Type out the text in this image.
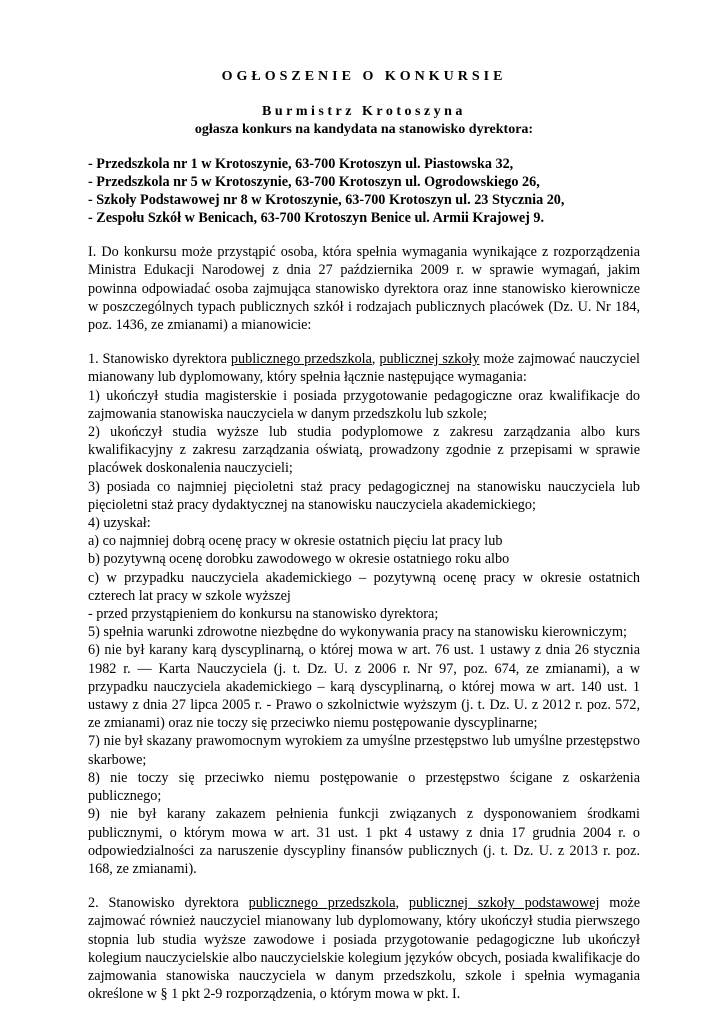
OGŁOSZENIE O KONKURSIE
Burmistrz Krotoszyna
ogłasza konkurs na kandydata na stanowisko dyrektora:
- Przedszkola nr 1 w Krotoszynie, 63-700 Krotoszyn ul. Piastowska 32,
- Przedszkola nr 5 w Krotoszynie, 63-700 Krotoszyn ul. Ogrodowskiego 26,
- Szkoły Podstawowej nr 8 w Krotoszynie, 63-700 Krotoszyn ul. 23 Stycznia 20,
- Zespołu Szkół w Benicach, 63-700 Krotoszyn Benice ul. Armii Krajowej 9.
I. Do konkursu może przystąpić osoba, która spełnia wymagania wynikające z rozporządzenia Ministra Edukacji Narodowej z dnia 27 października 2009 r. w sprawie wymagań, jakim powinna odpowiadać osoba zajmująca stanowisko dyrektora oraz inne stanowisko kierownicze w poszczególnych typach publicznych szkół i rodzajach publicznych placówek (Dz. U. Nr 184, poz. 1436, ze zmianami) a mianowicie:
1. Stanowisko dyrektora publicznego przedszkola, publicznej szkoły może zajmować nauczyciel mianowany lub dyplomowany, który spełnia łącznie następujące wymagania:
1) ukończył studia magisterskie i posiada przygotowanie pedagogiczne oraz kwalifikacje do zajmowania stanowiska nauczyciela w danym przedszkolu lub szkole;
2) ukończył studia wyższe lub studia podyplomowe z zakresu zarządzania albo kurs kwalifikacyjny z zakresu zarządzania oświatą, prowadzony zgodnie z przepisami w sprawie placówek doskonalenia nauczycieli;
3) posiada co najmniej pięcioletni staż pracy pedagogicznej na stanowisku nauczyciela lub pięcioletni staż pracy dydaktycznej na stanowisku nauczyciela akademickiego;
4) uzyskał:
a) co najmniej dobrą ocenę pracy w okresie ostatnich pięciu lat pracy lub
b) pozytywną ocenę dorobku zawodowego w okresie ostatniego roku albo
c) w przypadku nauczyciela akademickiego – pozytywną ocenę pracy w okresie ostatnich czterech lat pracy w szkole wyższej
- przed przystąpieniem do konkursu na stanowisko dyrektora;
5) spełnia warunki zdrowotne niezbędne do wykonywania pracy na stanowisku kierowniczym;
6) nie był karany karą dyscyplinarną, o której mowa w art. 76 ust. 1 ustawy z dnia 26 stycznia 1982 r. — Karta Nauczyciela (j. t. Dz. U. z 2006 r. Nr 97, poz. 674, ze zmianami), a w przypadku nauczyciela akademickiego – karą dyscyplinarną, o której mowa w art. 140 ust. 1 ustawy z dnia 27 lipca 2005 r. - Prawo o szkolnictwie wyższym (j. t. Dz. U. z 2012 r. poz. 572, ze zmianami) oraz nie toczy się przeciwko niemu postępowanie dyscyplinarne;
7) nie był skazany prawomocnym wyrokiem za umyślne przestępstwo lub umyślne przestępstwo skarbowe;
8) nie toczy się przeciwko niemu postępowanie o przestępstwo ścigane z oskarżenia publicznego;
9) nie był karany zakazem pełnienia funkcji związanych z dysponowaniem środkami publicznymi, o którym mowa w art. 31 ust. 1 pkt 4 ustawy z dnia 17 grudnia 2004 r. o odpowiedzialności za naruszenie dyscypliny finansów publicznych (j. t. Dz. U. z 2013 r. poz. 168, ze zmianami).
2. Stanowisko dyrektora publicznego przedszkola, publicznej szkoły podstawowej może zajmować również nauczyciel mianowany lub dyplomowany, który ukończył studia pierwszego stopnia lub studia wyższe zawodowe i posiada przygotowanie pedagogiczne lub ukończył kolegium nauczycielskie albo nauczycielskie kolegium języków obcych, posiada kwalifikacje do zajmowania stanowiska nauczyciela w danym przedszkolu, szkole i spełnia wymagania określone w § 1 pkt 2-9 rozporządzenia, o którym mowa w pkt. I.
